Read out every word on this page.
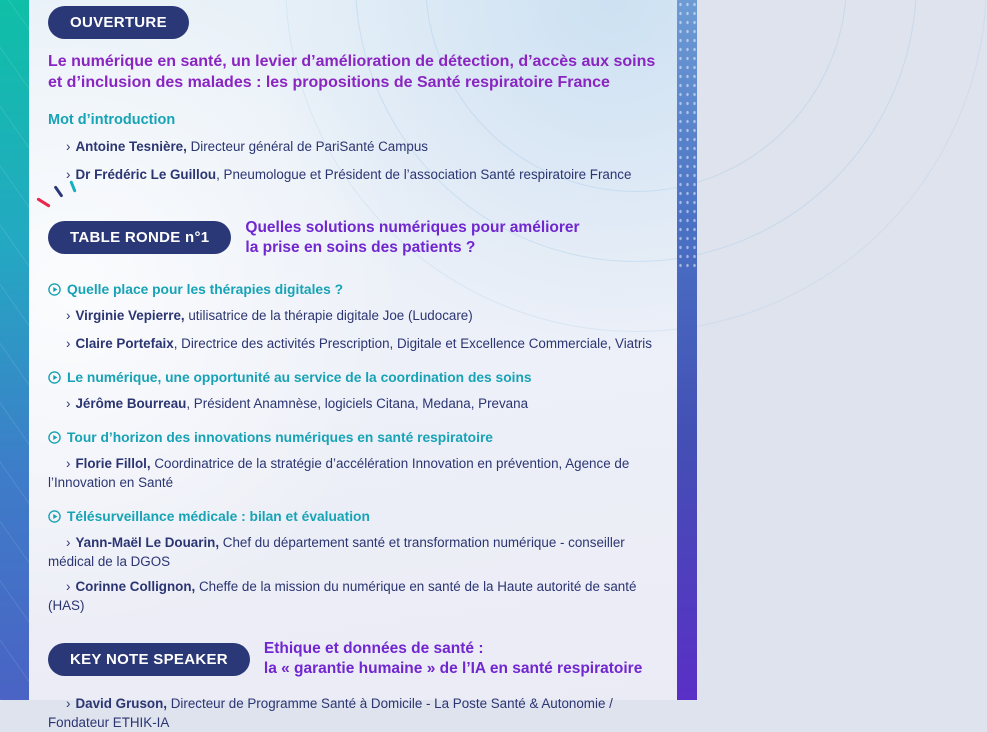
OUVERTURE
Le numérique en santé, un levier d’amélioration de détection, d’accès aux soins
et d’inclusion des malades : les propositions de Santé respiratoire France
Mot d’introduction

› Antoine Tesnière, Directeur général de PariSanté Campus

› Dr Frédéric Le Guillou, Pneumologue et Président de l’association Santé respiratoire France

TABLE RONDE n°1
Quelles solutions numériques pour améliorer
la prise en soins des patients ?
Quelle place pour les thérapies digitales ?

› Virginie Vepierre, utilisatrice de la thérapie digitale Joe (Ludocare)

› Claire Portefaix, Directrice des activités Prescription, Digitale et Excellence Commerciale, Viatris

Le numérique, une opportunité au service de la coordination des soins

› Jérôme Bourreau, Président Anamnèse, logiciels Citana, Medana, Prevana

Tour d’horizon des innovations numériques en santé respiratoire

› Florie Fillol, Coordinatrice de la stratégie d’accélération Innovation en prévention, Agence de l’Innovation en Santé

Télésurveillance médicale : bilan et évaluation

› Yann-Maël Le Douarin, Chef du département santé et transformation numérique - conseiller médical de la DGOS

› Corinne Collignon, Cheffe de la mission du numérique en santé de la Haute autorité de santé (HAS)

KEY NOTE SPEAKER
Ethique et données de santé :
la « garantie humaine » de l’IA en santé respiratoire

› David Gruson, Directeur de Programme Santé à Domicile - La Poste Santé & Autonomie / Fondateur ETHIK-IA
